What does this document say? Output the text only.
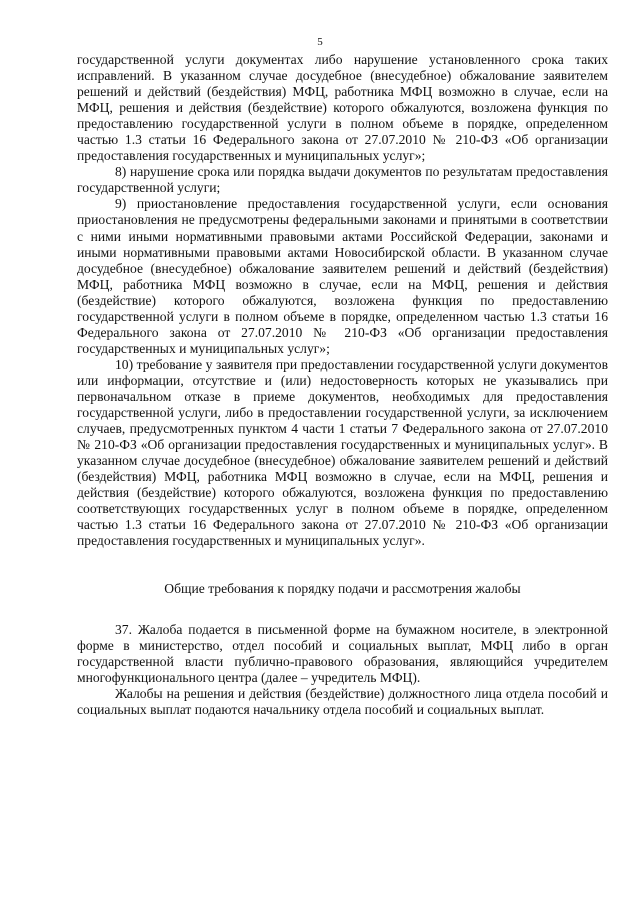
5

государственной услуги документах либо нарушение установленного срока таких исправлений. В указанном случае досудебное (внесудебное) обжалование заявителем решений и действий (бездействия) МФЦ, работника МФЦ возможно в случае, если на МФЦ, решения и действия (бездействие) которого обжалуются, возложена функция по предоставлению государственной услуги в полном объеме в порядке, определенном частью 1.3 статьи 16 Федерального закона от 27.07.2010 № 210-ФЗ «Об организации предоставления государственных и муниципальных услуг»;

8) нарушение срока или порядка выдачи документов по результатам предоставления государственной услуги;

9) приостановление предоставления государственной услуги, если основания приостановления не предусмотрены федеральными законами и принятыми в соответствии с ними иными нормативными правовыми актами Российской Федерации, законами и иными нормативными правовыми актами Новосибирской области. В указанном случае досудебное (внесудебное) обжалование заявителем решений и действий (бездействия) МФЦ, работника МФЦ возможно в случае, если на МФЦ, решения и действия (бездействие) которого обжалуются, возложена функция по предоставлению государственной услуги в полном объеме в порядке, определенном частью 1.3 статьи 16 Федерального закона от 27.07.2010 № 210-ФЗ «Об организации предоставления государственных и муниципальных услуг»;

10) требование у заявителя при предоставлении государственной услуги документов или информации, отсутствие и (или) недостоверность которых не указывались при первоначальном отказе в приеме документов, необходимых для предоставления государственной услуги, либо в предоставлении государственной услуги, за исключением случаев, предусмотренных пунктом 4 части 1 статьи 7 Федерального закона от 27.07.2010 № 210-ФЗ «Об организации предоставления государственных и муниципальных услуг». В указанном случае досудебное (внесудебное) обжалование заявителем решений и действий (бездействия) МФЦ, работника МФЦ возможно в случае, если на МФЦ, решения и действия (бездействие) которого обжалуются, возложена функция по предоставлению соответствующих государственных услуг в полном объеме в порядке, определенном частью 1.3 статьи 16 Федерального закона от 27.07.2010 № 210-ФЗ «Об организации предоставления государственных и муниципальных услуг».

Общие требования к порядку подачи и рассмотрения жалобы

37. Жалоба подается в письменной форме на бумажном носителе, в электронной форме в министерство, отдел пособий и социальных выплат, МФЦ либо в орган государственной власти публично-правового образования, являющийся учредителем многофункционального центра (далее – учредитель МФЦ).

Жалобы на решения и действия (бездействие) должностного лица отдела пособий и социальных выплат подаются начальнику отдела пособий и социальных выплат.
